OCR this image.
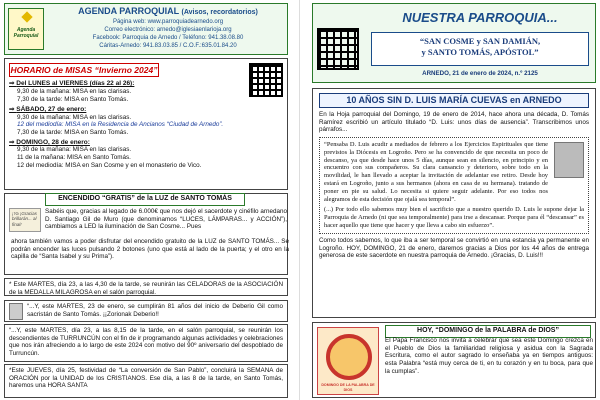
Agenda
Parroquial
AGENDA PARROQUIAL (Avisos, recordatorios)
Página web: www.parroquiadearnedo.org
Correo electrónico: arnedo@iglesiaenlarioja.org
Facebook: Parroquia de Arnedo / Teléfono: 941.38.08.80
Cáritas-Arnedo: 941.83.03.85 / C.O.F.:635.01.84.20
HORARIO de MISAS “Invierno 2024”
⇒ Del LUNES al VIERNES (días 22 al 26):
9,30 de la mañana: MISA en las clarisas.
7,30 de la tarde: MISA en Santo Tomás.
⇒ SÁBADO, 27 de enero:
9,30 de la mañana: MISA en las clarisas.
12 del mediodía: MISA en la Residencia de Ancianos “Ciudad de Arnedo”.
7,30 de la tarde: MISA en Santo Tomás.
⇒ DOMINGO, 28 de enero:
9,30 de la mañana: MISA en las clarisas.
11 de la mañana: MISA en Santo Tomás.
12 del mediodía: MISA en San Cosme y en el monasterio de Vico.
ENCENDIDO “GRATIS” de la LUZ de SANTO TOMÁS
¡Ya ¡Gracias brillarán... al final!
Sabéis que, gracias al legado de 6.000€ que nos dejó el sacerdote y cinéfilo arnedano D. Santiago Gil de Muro (que denominamos “LUCES, LÁMPARAS... y ACCIÓN”), cambiamos a LED la iluminación de San Cosme... Pues
ahora también vamos a poder disfrutar del encendido gratuito de la LUZ de SANTO TOMÁS... Se podrán encender las luces pulsando 2 botones (uno que está al lado de la puerta; y el otro en la capilla de “Santa Isabel y su Prima”).
* Este MARTES, día 23, a las 4,30 de la tarde, se reunirán las CELADORAS de la ASOCIACIÓN de la MEDALLA MILAGROSA en el salón parroquial.
“...Y, este MARTES, 23 de enero, se cumplirán 81 años del inicio de Deberio Gil como sacristán de Santo Tomás. ¡¡Zorionak Deberio!!
“...Y, este MARTES, día 23, a las 8,15 de la tarde, en el salón parroquial, se reunirán los descendientes de TURRUNCÚN con el fin de ir programando algunas actividades y celebraciones que nos irán afreciendo a lo largo de este 2024 con motivo del 90º aniversario del despoblado de Turruncún.
*Este JUEVES, día 25, festividad de “La conversión de San Pablo”, concluirá la SEMANA de ORACIÓN por la UNIDAD de los CRISTIANOS. Ese día, a las 8 de la tarde, en Santo Tomás, haremos una HORA SANTA
NUESTRA PARROQUIA...
“SAN COSME y SAN DAMIÁN,
y SANTO TOMÁS, APÓSTOL”
ARNEDO, 21 de enero de 2024, n.º 2125
10 AÑOS SIN D. LUIS MARÍA CUEVAS en ARNEDO
En la Hoja parroquial del Domingo, 19 de enero de 2014, hace ahora una década, D. Tomás Ramírez escribió un artículo titulado “D. Luis: unos días de ausencia”. Transcribimos unos párrafos...
“Pensaba D. Luis acudir a mediados de febrero a los Ejercicios Espirituales que tiene previstos la Diócesis en Logroño. Pero se ha convencido de que necesita un poco de descanso, ya que desde hace unos 5 días, aunque sean en silencio, en principio y en encuentro con sus compañeros. Su clara cansancio y deterioro, sobre todo en la movilidad, le han llevado a aceptar la invitación de adelantar ese retiro. Desde hoy estará en Logroño, junto a sus hermanos (ahora en casa de su hermana). tratando de poner en pie su salud. Lo necesita si quiere seguir adelante. Por eso todos nos alegramos de esta decisión que ojalá sea temporal”.
(...) Por todo ello sabemos muy bien el sacrificio que a nuestro querido D. Luis le supone dejar la Parroquia de Arnedo (ni que sea temporalmente) para irse a descansar. Porque para él “descansar” es hacer aquello que tiene que hacer y que lleva a cabo sin esfuerzo”.
Como todos sabemos, lo que iba a ser temporal se convirtió en una estancia ya permanente en Logroño. HOY, DOMINGO, 21 de enero, daremos gracias a Dios por los 44 años de entrega generosa de este sacerdote en nuestra parroquia de Arnedo. ¡Gracias, D. Luis!!!
DOMINGO DE LA PALABRA DE DIOS
HOY, “DOMINGO de la PALABRA de DIOS”
El Papa Francisco nos invita a celebrar que sea este Domingo crezca en el Pueblo de Dios la familiaridad religiosa y asidua con la Sagrada Escritura, como el autor sagrado lo enseñaba ya en tiempos antiguos: esta Palabra “está muy cerca de ti, en tu corazón y en tu boca, para que la cumplas”.
